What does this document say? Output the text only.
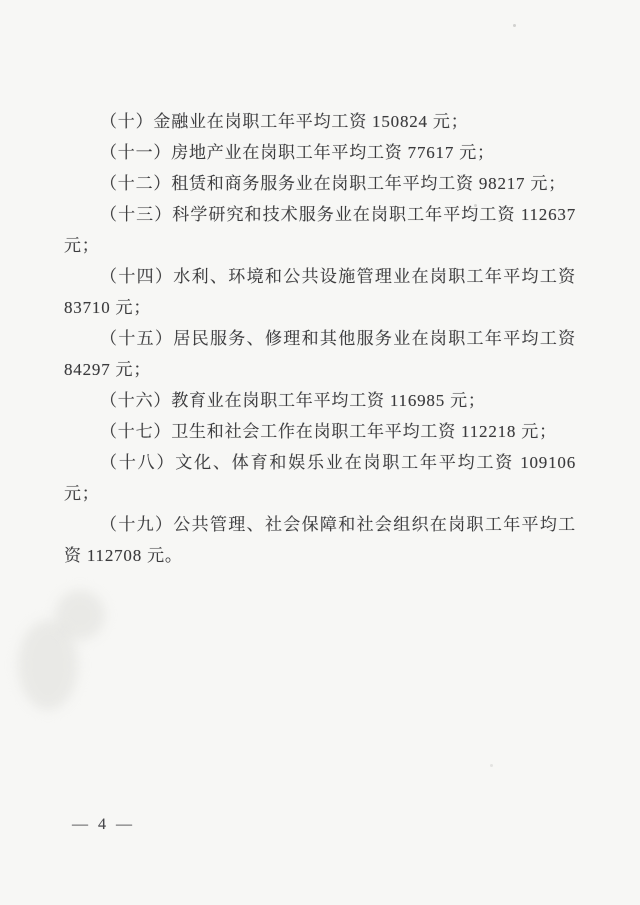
（十）金融业在岗职工年平均工资 150824 元；
（十一）房地产业在岗职工年平均工资 77617 元；
（十二）租赁和商务服务业在岗职工年平均工资 98217 元；
（十三）科学研究和技术服务业在岗职工年平均工资 112637
元；
（十四）水利、环境和公共设施管理业在岗职工年平均工资
83710 元；
（十五）居民服务、修理和其他服务业在岗职工年平均工资
84297 元；
（十六）教育业在岗职工年平均工资 116985 元；
（十七）卫生和社会工作在岗职工年平均工资 112218 元；
（十八）文化、体育和娱乐业在岗职工年平均工资 109106
元；
（十九）公共管理、社会保障和社会组织在岗职工年平均工
资 112708 元。
— 4 —
